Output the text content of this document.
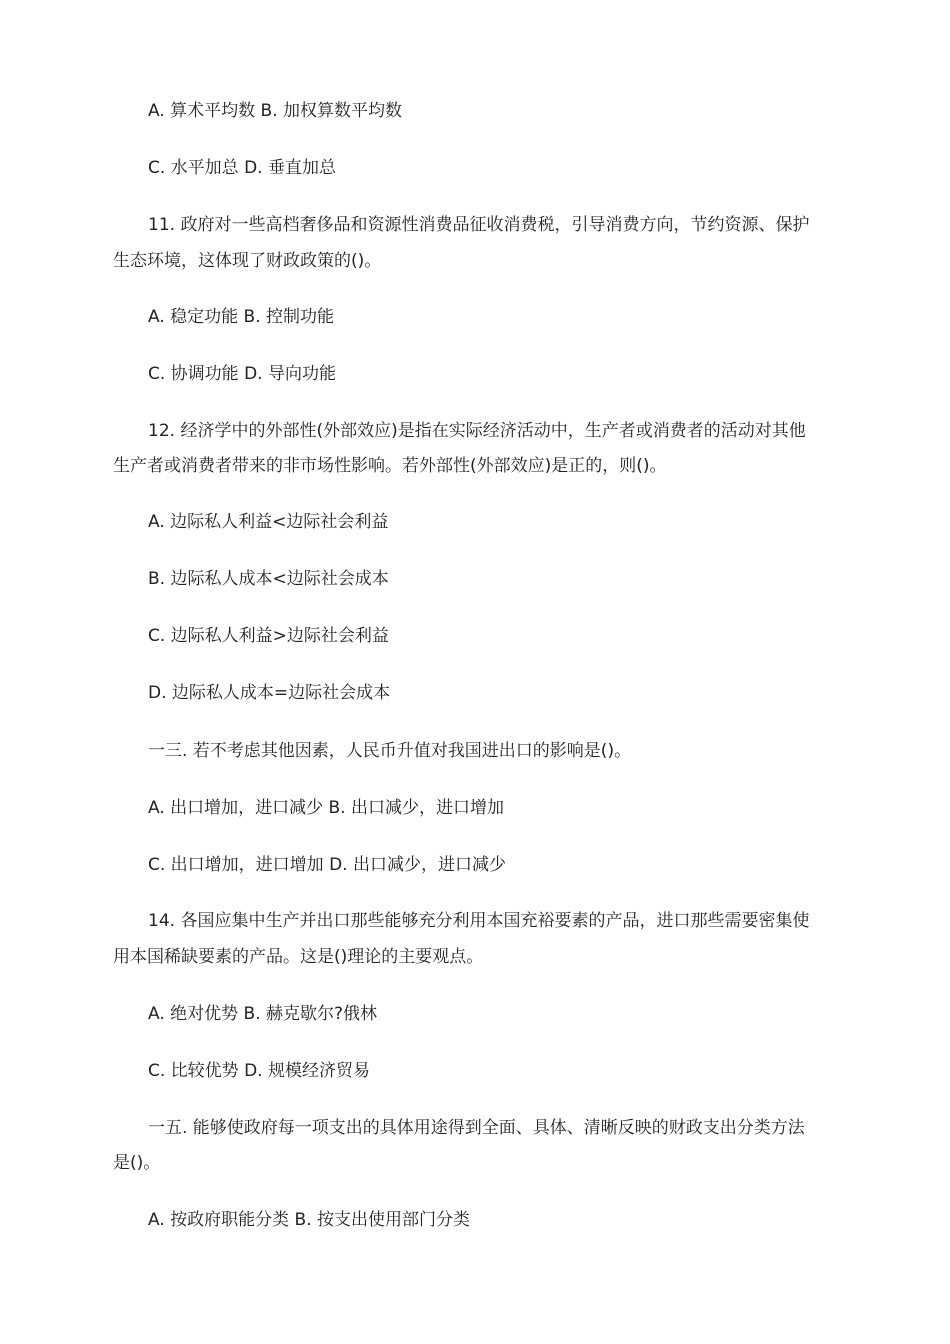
A. 算术平均数 B. 加权算数平均数

C. 水平加总 D. 垂直加总

11. 政府对一些高档奢侈品和资源性消费品征收消费税，引导消费方向，节约资源、保护

生态环境，这体现了财政政策的()。

A. 稳定功能 B. 控制功能

C. 协调功能 D. 导向功能

12. 经济学中的外部性(外部效应)是指在实际经济活动中，生产者或消费者的活动对其他

生产者或消费者带来的非市场性影响。若外部性(外部效应)是正的，则()。

A. 边际私人利益<边际社会利益

B. 边际私人成本<边际社会成本

C. 边际私人利益>边际社会利益

D. 边际私人成本=边际社会成本

一三. 若不考虑其他因素，人民币升值对我国进出口的影响是()。

A. 出口增加，进口减少 B. 出口减少，进口增加

C. 出口增加，进口增加 D. 出口减少，进口减少

14. 各国应集中生产并出口那些能够充分利用本国充裕要素的产品，进口那些需要密集使

用本国稀缺要素的产品。这是()理论的主要观点。

A. 绝对优势 B. 赫克歇尔?俄林

C. 比较优势 D. 规模经济贸易

一五. 能够使政府每一项支出的具体用途得到全面、具体、清晰反映的财政支出分类方法

是()。

A. 按政府职能分类 B. 按支出使用部门分类
